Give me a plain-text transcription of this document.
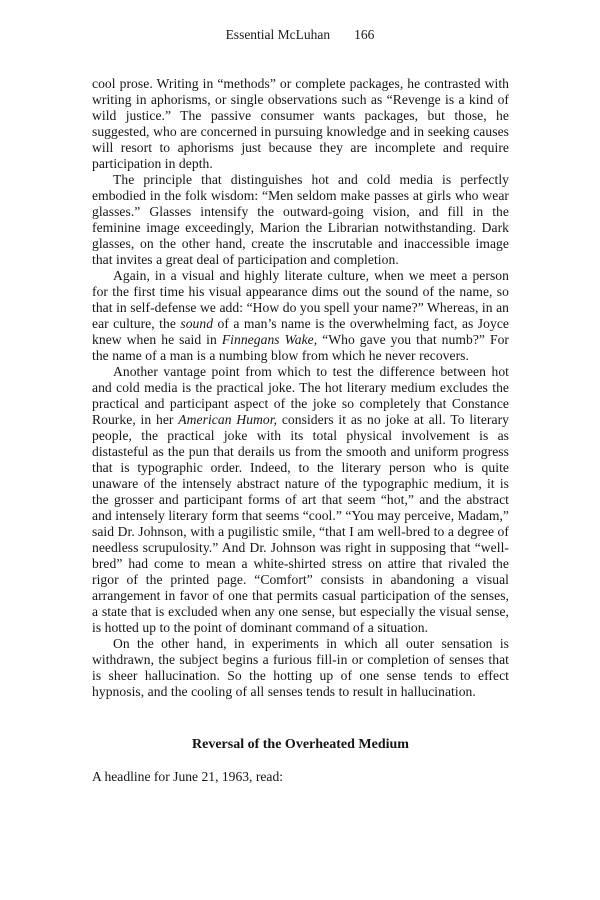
Essential McLuhan 166

cool prose. Writing in “methods” or complete packages, he contrasted with writing in aphorisms, or single observations such as “Revenge is a kind of wild justice.” The passive consumer wants packages, but those, he suggested, who are concerned in pursuing knowledge and in seeking causes will resort to aphorisms just because they are incomplete and require participation in depth.

The principle that distinguishes hot and cold media is perfectly embodied in the folk wisdom: “Men seldom make passes at girls who wear glasses.” Glasses intensify the outward-going vision, and fill in the feminine image exceedingly, Marion the Librarian notwithstanding. Dark glasses, on the other hand, create the inscrutable and inaccessible image that invites a great deal of participation and completion.

Again, in a visual and highly literate culture, when we meet a person for the first time his visual appearance dims out the sound of the name, so that in self-defense we add: “How do you spell your name?” Whereas, in an ear culture, the sound of a man’s name is the overwhelming fact, as Joyce knew when he said in Finnegans Wake, “Who gave you that numb?” For the name of a man is a numbing blow from which he never recovers.

Another vantage point from which to test the difference between hot and cold media is the practical joke. The hot literary medium excludes the practical and participant aspect of the joke so completely that Constance Rourke, in her American Humor, considers it as no joke at all. To literary people, the practical joke with its total physical involvement is as distasteful as the pun that derails us from the smooth and uniform progress that is typographic order. Indeed, to the literary person who is quite unaware of the intensely abstract nature of the typographic medium, it is the grosser and participant forms of art that seem “hot,” and the abstract and intensely literary form that seems “cool.” “You may perceive, Madam,” said Dr. Johnson, with a pugilistic smile, “that I am well-bred to a degree of needless scrupulosity.” And Dr. Johnson was right in supposing that “well-bred” had come to mean a white-shirted stress on attire that rivaled the rigor of the printed page. “Comfort” consists in abandoning a visual arrangement in favor of one that permits casual participation of the senses, a state that is excluded when any one sense, but especially the visual sense, is hotted up to the point of dominant command of a situation.

On the other hand, in experiments in which all outer sensation is withdrawn, the subject begins a furious fill-in or completion of senses that is sheer hallucination. So the hotting up of one sense tends to effect hypnosis, and the cooling of all senses tends to result in hallucination.

Reversal of the Overheated Medium
A headline for June 21, 1963, read:
